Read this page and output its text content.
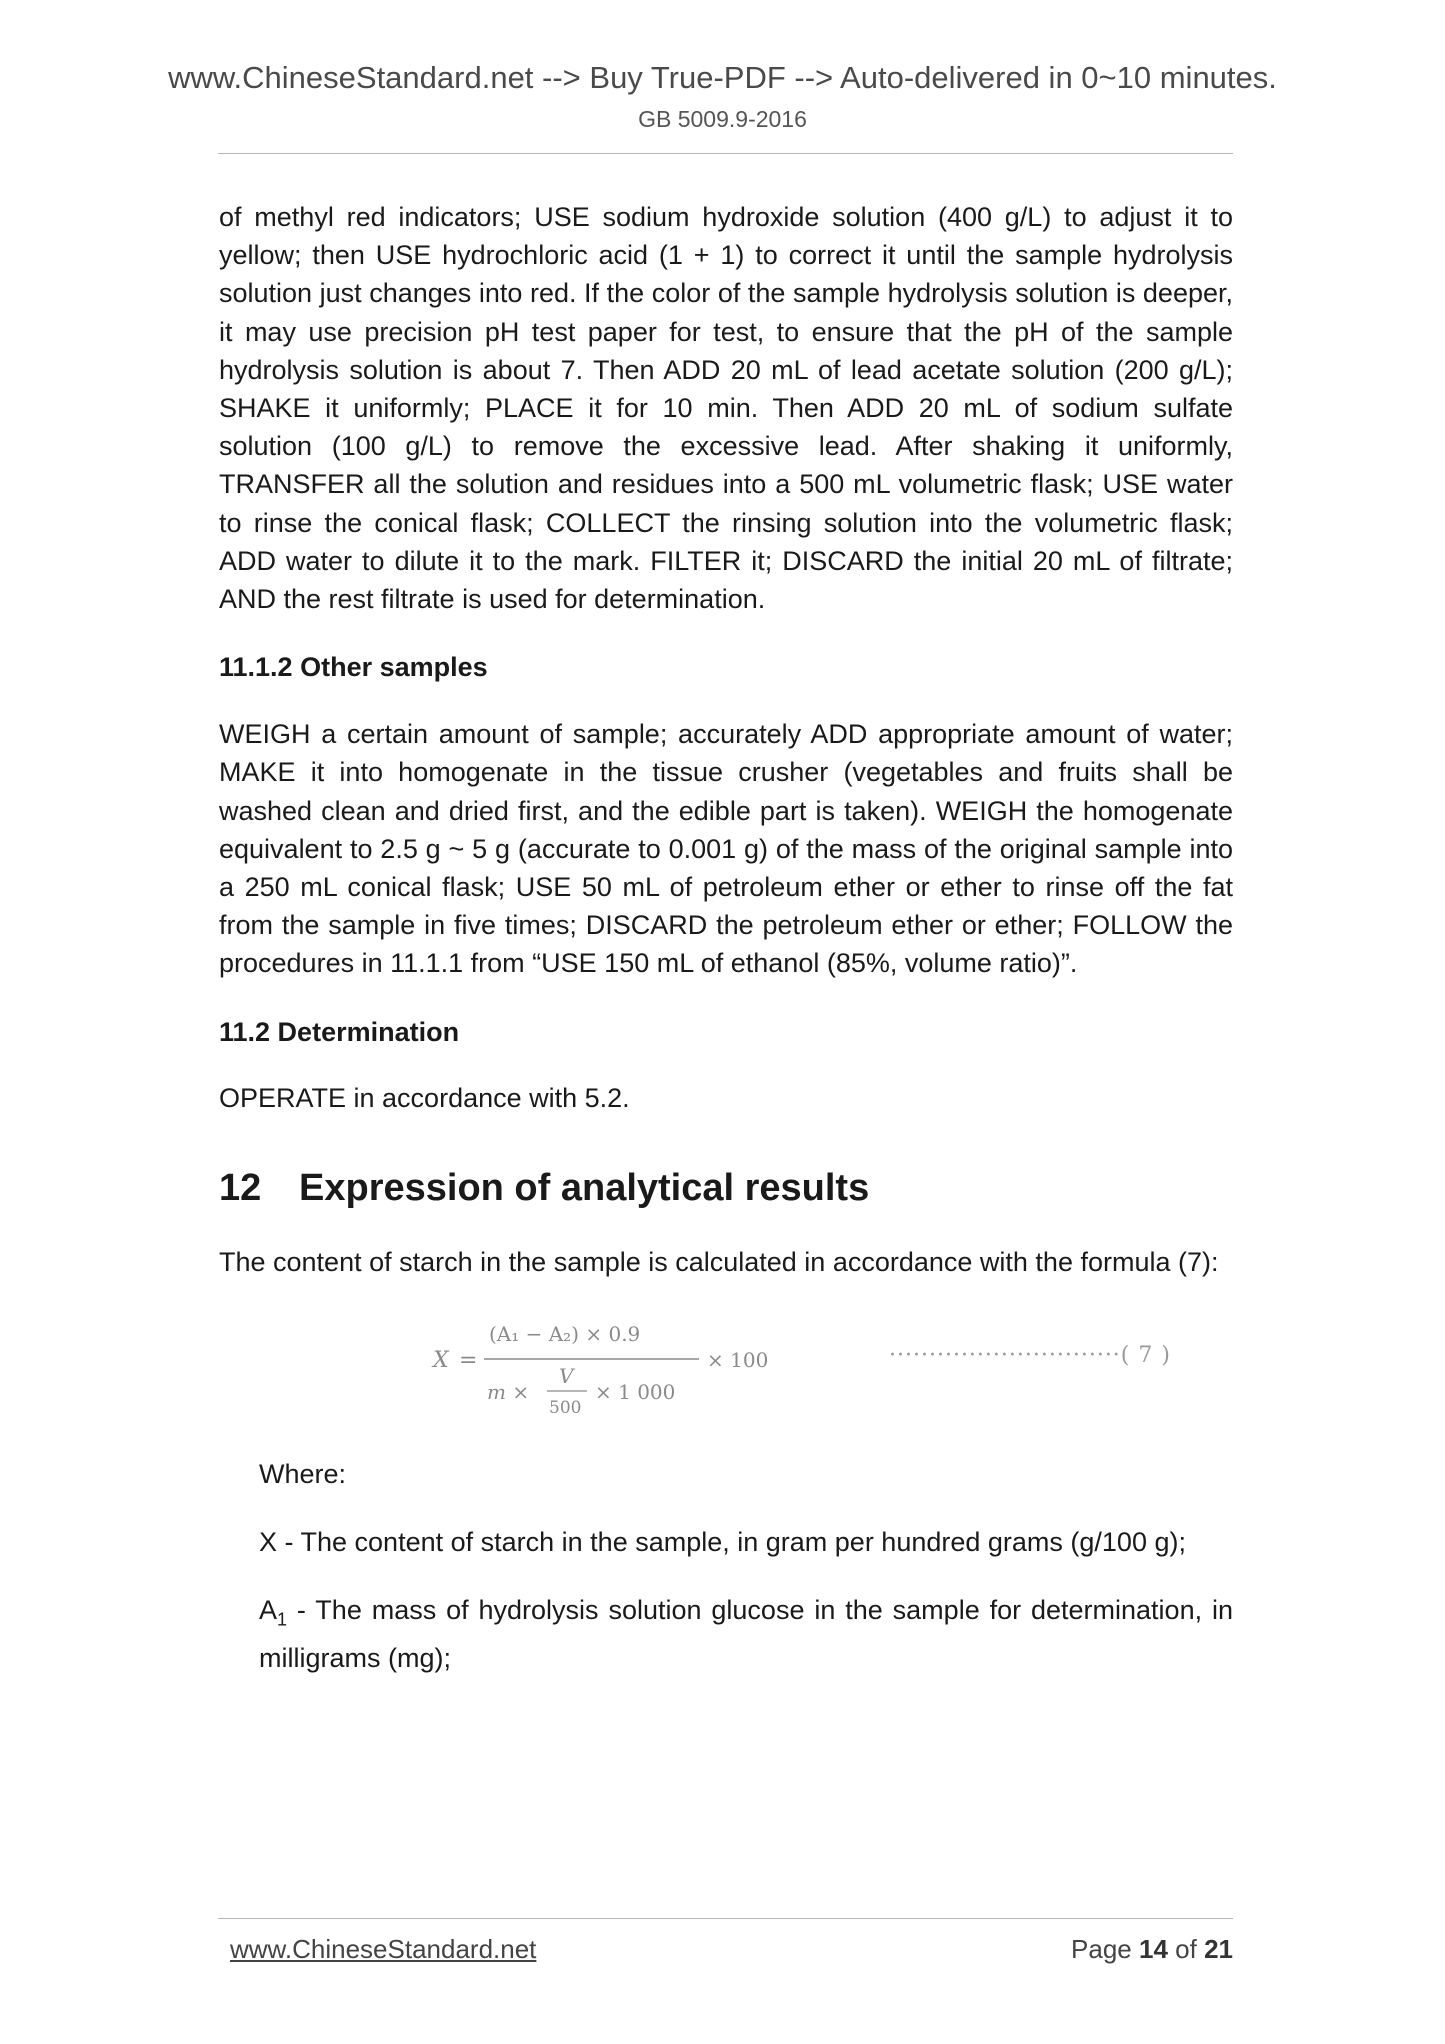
www.ChineseStandard.net --> Buy True-PDF --> Auto-delivered in 0~10 minutes.
GB 5009.9-2016

of methyl red indicators; USE sodium hydroxide solution (400 g/L) to adjust it to yellow; then USE hydrochloric acid (1 + 1) to correct it until the sample hydrolysis solution just changes into red. If the color of the sample hydrolysis solution is deeper, it may use precision pH test paper for test, to ensure that the pH of the sample hydrolysis solution is about 7. Then ADD 20 mL of lead acetate solution (200 g/L); SHAKE it uniformly; PLACE it for 10 min. Then ADD 20 mL of sodium sulfate solution (100 g/L) to remove the excessive lead. After shaking it uniformly, TRANSFER all the solution and residues into a 500 mL volumetric flask; USE water to rinse the conical flask; COLLECT the rinsing solution into the volumetric flask; ADD water to dilute it to the mark. FILTER it; DISCARD the initial 20 mL of filtrate; AND the rest filtrate is used for determination.

11.1.2 Other samples

WEIGH a certain amount of sample; accurately ADD appropriate amount of water; MAKE it into homogenate in the tissue crusher (vegetables and fruits shall be washed clean and dried first, and the edible part is taken). WEIGH the homogenate equivalent to 2.5 g ~ 5 g (accurate to 0.001 g) of the mass of the original sample into a 250 mL conical flask; USE 50 mL of petroleum ether or ether to rinse off the fat from the sample in five times; DISCARD the petroleum ether or ether; FOLLOW the procedures in 11.1.1 from “USE 150 mL of ethanol (85%, volume ratio)”.

11.2 Determination

OPERATE in accordance with 5.2.

12 Expression of analytical results

The content of starch in the sample is calculated in accordance with the formula (7):

X =
(A₁ − A₂) × 0.9
× 100
m ×
V
500
× 1 000
·····························( 7 )

Where:

X - The content of starch in the sample, in gram per hundred grams (g/100 g);

$A_1$ - The mass of hydrolysis solution glucose in the sample for determination, in milligrams (mg);

www.ChineseStandard.net	Page 14 of 21
